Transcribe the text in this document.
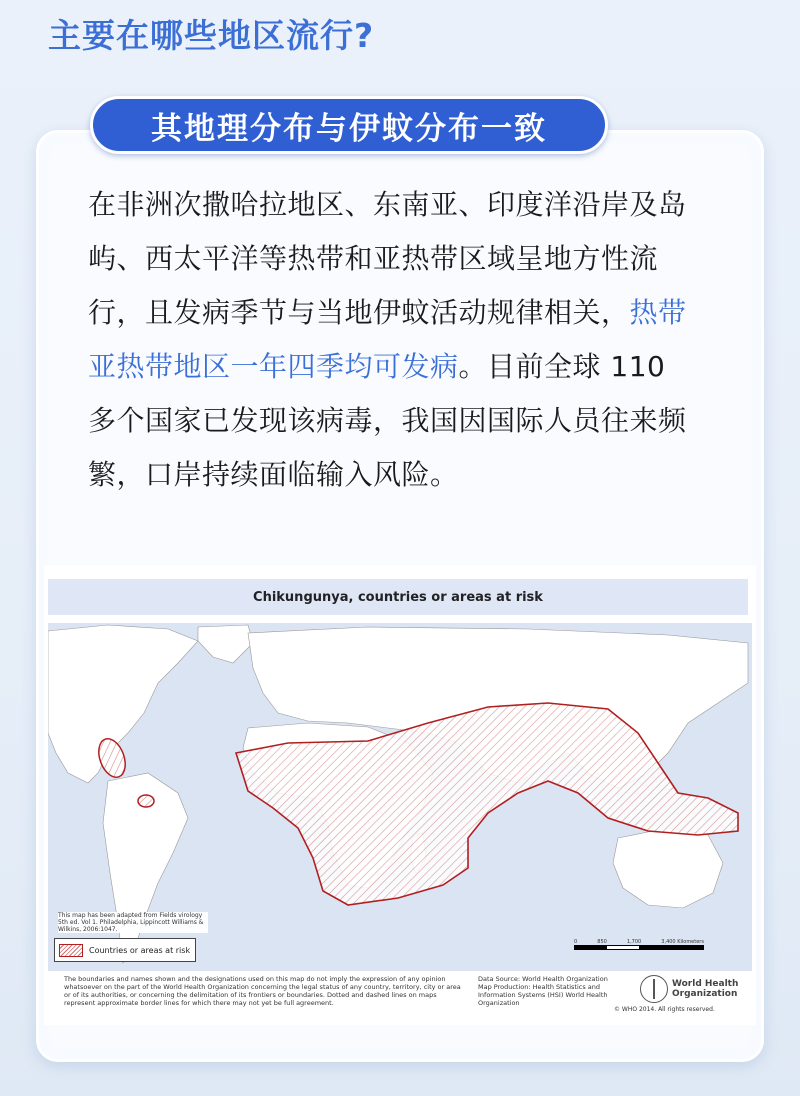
主要在哪些地区流行?
其地理分布与伊蚊分布一致
在非洲次撒哈拉地区、东南亚、印度洋沿岸及岛屿、西太平洋等热带和亚热带区域呈地方性流行，且发病季节与当地伊蚊活动规律相关，热带亚热带地区一年四季均可发病。目前全球 110 多个国家已发现该病毒，我国因国际人员往来频繁，口岸持续面临输入风险。
Chikungunya, countries or areas at risk
This map has been adapted from Fields virology 5th ed. Vol 1. Philadelphia, Lippincott Williams & Wilkins, 2006:1047.
Countries or areas at risk
0	850	1,700	3,400 Kilometers
The boundaries and names shown and the designations used on this map do not imply the expression of any opinion whatsoever on the part of the World Health Organization concerning the legal status of any country, territory, city or area or of its authorities, or concerning the delimitation of its frontiers or boundaries. Dotted and dashed lines on maps represent approximate border lines for which there may not yet be full agreement.
Data Source: World Health Organization Map Production: Health Statistics and Information Systems (HSI) World Health Organization
World Health
Organization
© WHO 2014. All rights reserved.
